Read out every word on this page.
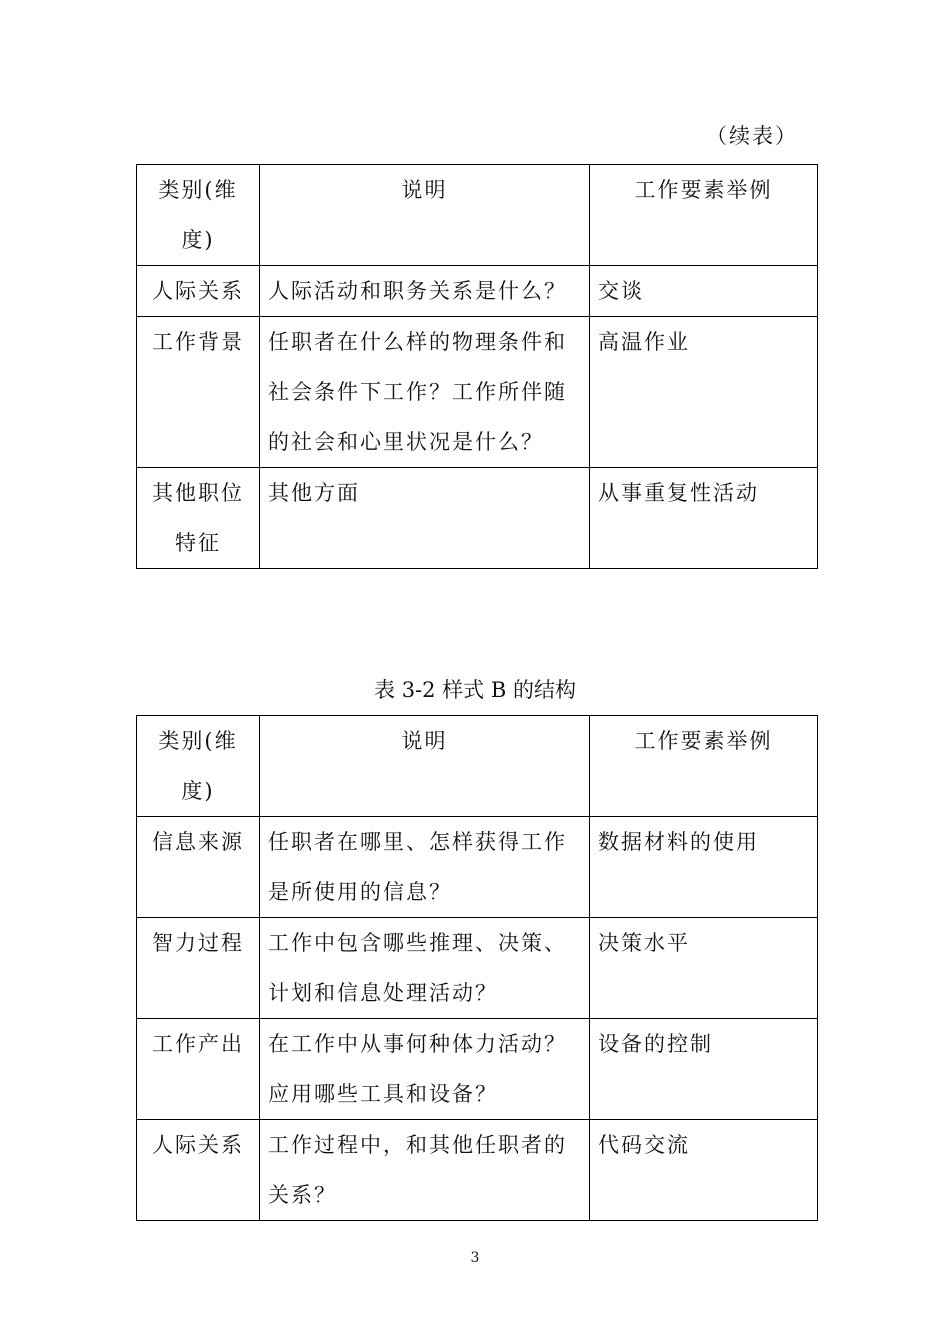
（续表）
类别(维度)	说明	工作要素举例
人际关系	人际活动和职务关系是什么？	交谈
工作背景	任职者在什么样的物理条件和社会条件下工作？工作所伴随的社会和心里状况是什么？	高温作业
其他职位特征	其他方面	从事重复性活动
表 3-2 样式 B 的结构
类别(维度)	说明	工作要素举例
信息来源	任职者在哪里、怎样获得工作是所使用的信息？	数据材料的使用
智力过程	工作中包含哪些推理、决策、计划和信息处理活动？	决策水平
工作产出	在工作中从事何种体力活动？应用哪些工具和设备？	设备的控制
人际关系	工作过程中，和其他任职者的关系？	代码交流
3
